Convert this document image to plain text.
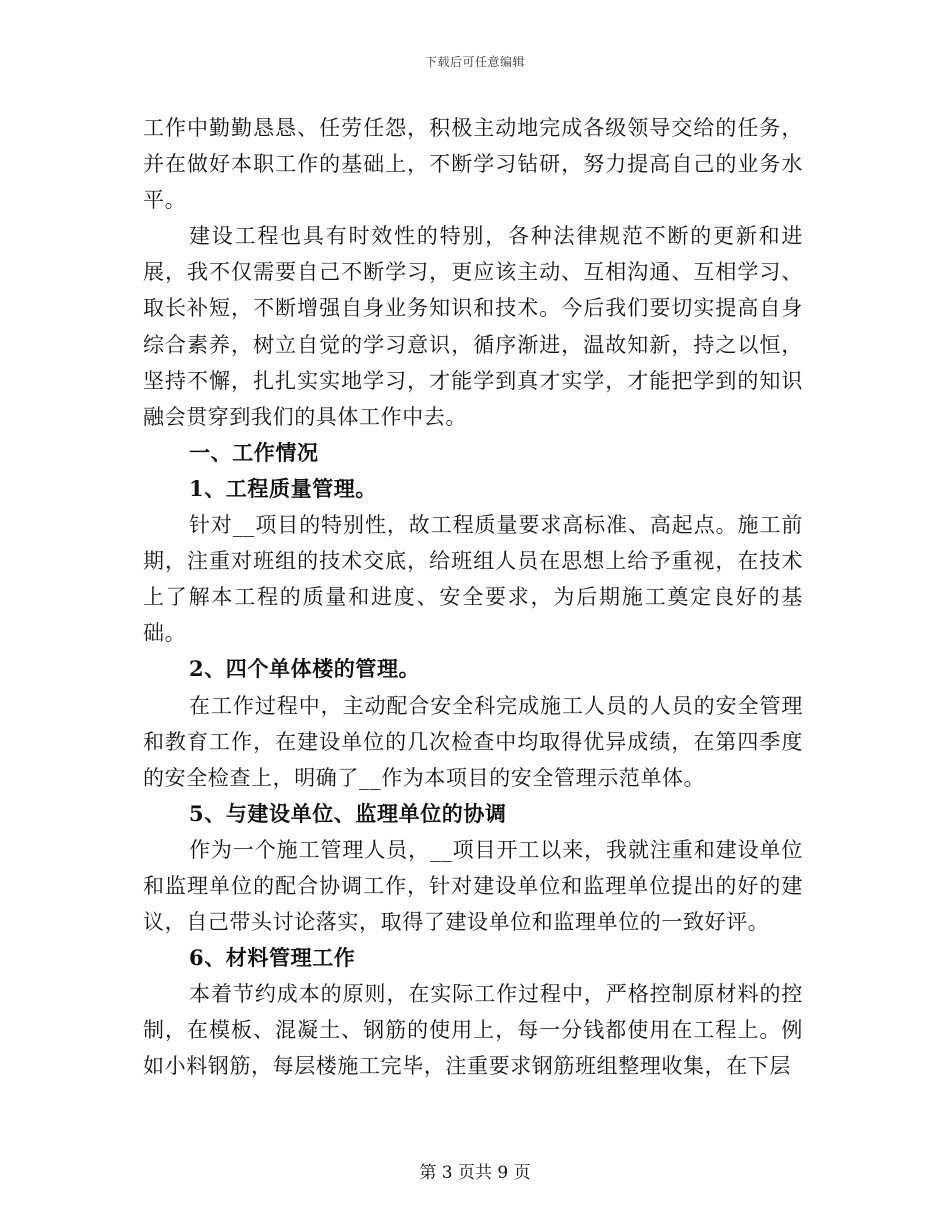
下载后可任意编辑

工作中勤勤恳恳、任劳任怨，积极主动地完成各级领导交给的任务，并在做好本职工作的基础上，不断学习钻研，努力提高自己的业务水平。

建设工程也具有时效性的特别，各种法律规范不断的更新和进展，我不仅需要自己不断学习，更应该主动、互相沟通、互相学习、取长补短，不断增强自身业务知识和技术。今后我们要切实提高自身综合素养，树立自觉的学习意识，循序渐进，温故知新，持之以恒，坚持不懈，扎扎实实地学习，才能学到真才实学，才能把学到的知识融会贯穿到我们的具体工作中去。

一、工作情况

1、工程质量管理。

针对__项目的特别性，故工程质量要求高标准、高起点。施工前期，注重对班组的技术交底，给班组人员在思想上给予重视，在技术上了解本工程的质量和进度、安全要求，为后期施工奠定良好的基础。

2、四个单体楼的管理。

在工作过程中，主动配合安全科完成施工人员的人员的安全管理和教育工作，在建设单位的几次检查中均取得优异成绩，在第四季度的安全检查上，明确了__作为本项目的安全管理示范单体。

5、与建设单位、监理单位的协调

作为一个施工管理人员，__项目开工以来，我就注重和建设单位和监理单位的配合协调工作，针对建设单位和监理单位提出的好的建议，自己带头讨论落实，取得了建设单位和监理单位的一致好评。

6、材料管理工作

本着节约成本的原则，在实际工作过程中，严格控制原材料的控制，在模板、混凝土、钢筋的使用上，每一分钱都使用在工程上。例如小料钢筋，每层楼施工完毕，注重要求钢筋班组整理收集，在下层

第 3 页共 9 页
